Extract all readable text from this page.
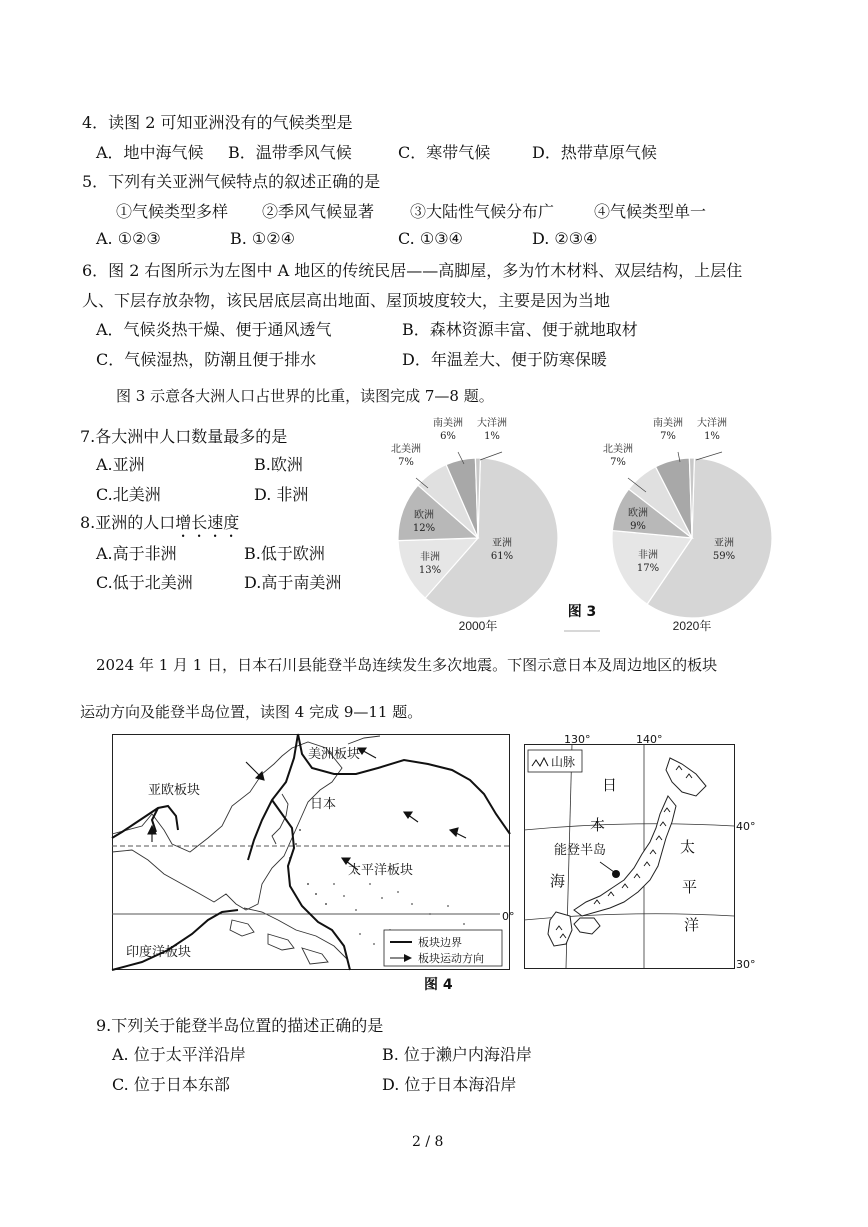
4．读图 2 可知亚洲没有的气候类型是
A．地中海气候 B．温带季风气候	C．寒带气候	D．热带草原气候
5．下列有关亚洲气候特点的叙述正确的是
①气候类型多样 ②季风气候显著 ③大陆性气候分布广 ④气候类型单一
A. ①②③	B. ①②④	C. ①③④	D. ②③④
6．图 2 右图所示为左图中 A 地区的传统民居——高脚屋，多为竹木材料、双层结构，上层住
人、下层存放杂物，该民居底层高出地面、屋顶坡度较大，主要是因为当地
A．气候炎热干燥、便于通风透气	B．森林资源丰富、便于就地取材
C．气候湿热，防潮且便于排水	D．年温差大、便于防寒保暖
图 3 示意各大洲人口占世界的比重，读图完成 7—8 题。
7.各大洲中人口数量最多的是
A.亚洲	B.欧洲
C.北美洲	D. 非洲
8.亚洲的人口增长速度
A.高于非洲	B.低于欧洲
C.低于北美洲	D.高于南美洲
亚洲
61%
非洲
13%
欧洲
12%
北美洲
7%
南美洲
6%
大洋洲
1%
亚洲
59%
非洲
17%
欧洲
9%
北美洲
7%
南美洲
7%
大洋洲
1%
2000年	2020年
图 3
2024 年 1 月 1 日，日本石川县能登半岛连续发生多次地震。下图示意日本及周边地区的板块
运动方向及能登半岛位置，读图 4 完成 9—11 题。
美洲板块
亚欧板块
日本
太平洋板块
印度洋板块
0°
板块边界
板块运动方向
130°	140°
40°
30°
山脉
能登半岛
日
本
海
太
平
洋
图 4
9.下列关于能登半岛位置的描述正确的是
A. 位于太平洋沿岸	B. 位于濑户内海沿岸
C. 位于日本东部	D. 位于日本海沿岸
2 / 8
